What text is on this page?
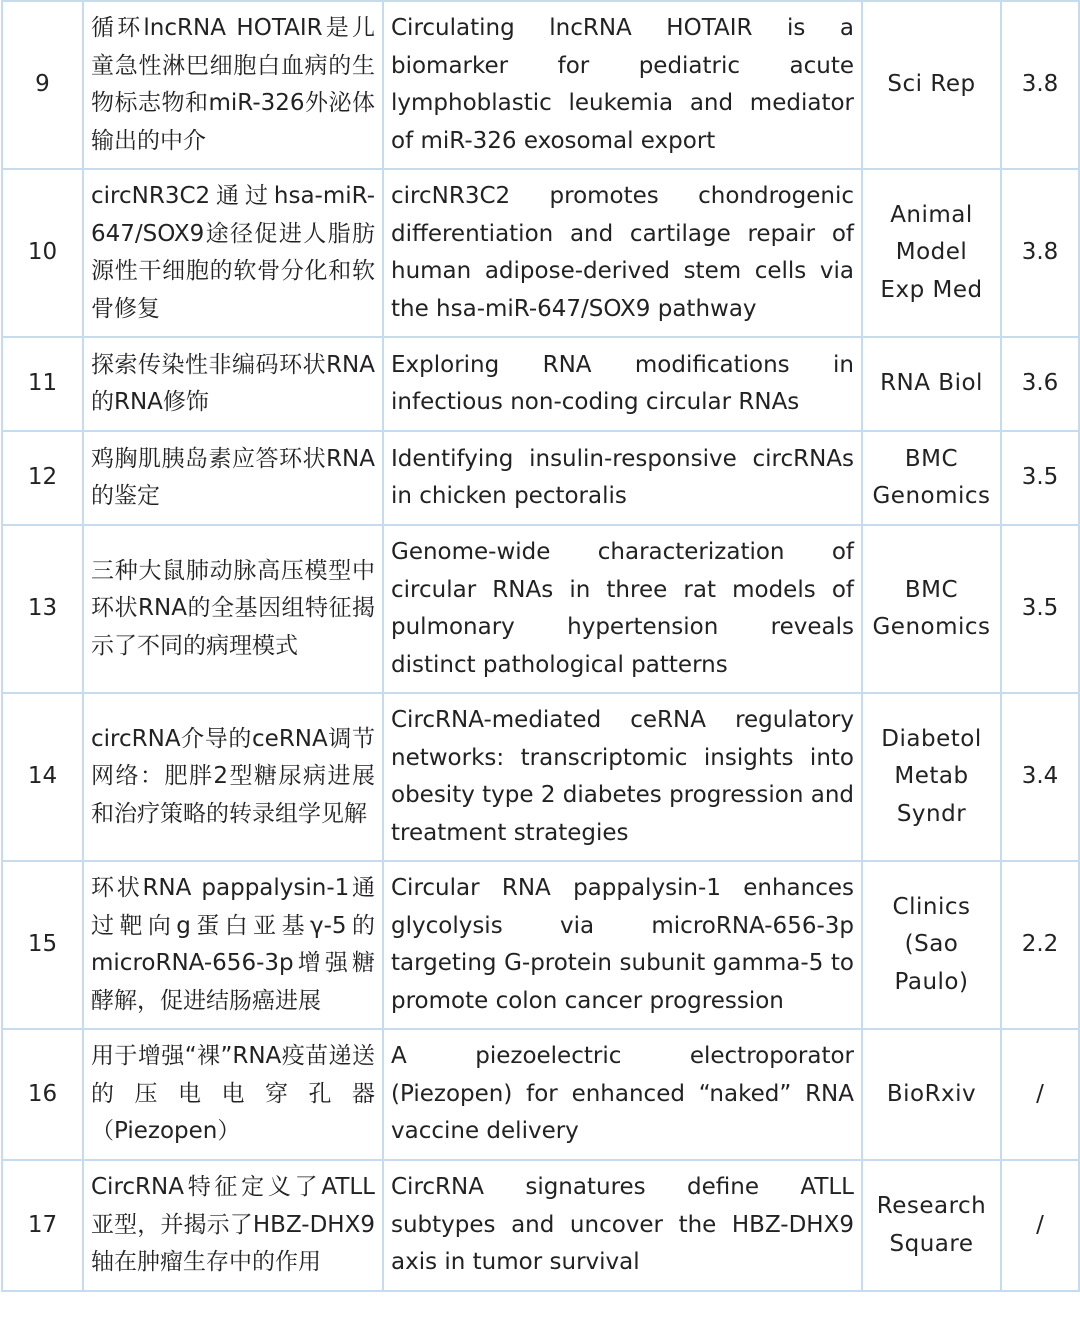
9	循环lncRNA HOTAIR是儿童急性淋巴细胞白血病的生物标志物和miR-326外泌体输出的中介	Circulating lncRNA HOTAIR is a biomarker for pediatric acute lymphoblastic leukemia and mediator of miR-326 exosomal export	Sci Rep	3.8
10	circNR3C2通过hsa-miR-647/SOX9途径促进人脂肪源性干细胞的软骨分化和软骨修复	circNR3C2 promotes chondrogenic differentiation and cartilage repair of human adipose-derived stem cells via the hsa-miR-647/SOX9 pathway	Animal Model Exp Med	3.8
11	探索传染性非编码环状RNA的RNA修饰	Exploring RNA modifications in infectious non-coding circular RNAs	RNA Biol	3.6
12	鸡胸肌胰岛素应答环状RNA的鉴定	Identifying insulin-responsive circRNAs in chicken pectoralis	BMC Genomics	3.5
13	三种大鼠肺动脉高压模型中环状RNA的全基因组特征揭示了不同的病理模式	Genome-wide characterization of circular RNAs in three rat models of pulmonary hypertension reveals distinct pathological patterns	BMC Genomics	3.5
14	circRNA介导的ceRNA调节网络：肥胖2型糖尿病进展和治疗策略的转录组学见解	CircRNA-mediated ceRNA regulatory networks: transcriptomic insights into obesity type 2 diabetes progression and treatment strategies	Diabetol Metab Syndr	3.4
15	环状RNA pappalysin-1通过靶向g蛋白亚基γ-5的microRNA-656-3p增强糖酵解，促进结肠癌进展	Circular RNA pappalysin-1 enhances glycolysis via microRNA-656-3p targeting G-protein subunit gamma-5 to promote colon cancer progression	Clinics (Sao Paulo)	2.2
16	用于增强“裸”RNA疫苗递送的压电电穿孔器（Piezopen）	A piezoelectric electroporator (Piezopen) for enhanced “naked” RNA vaccine delivery	BioRxiv	/
17	CircRNA特征定义了ATLL亚型，并揭示了HBZ-DHX9轴在肿瘤生存中的作用	CircRNA signatures define ATLL subtypes and uncover the HBZ-DHX9 axis in tumor survival	Research Square	/
